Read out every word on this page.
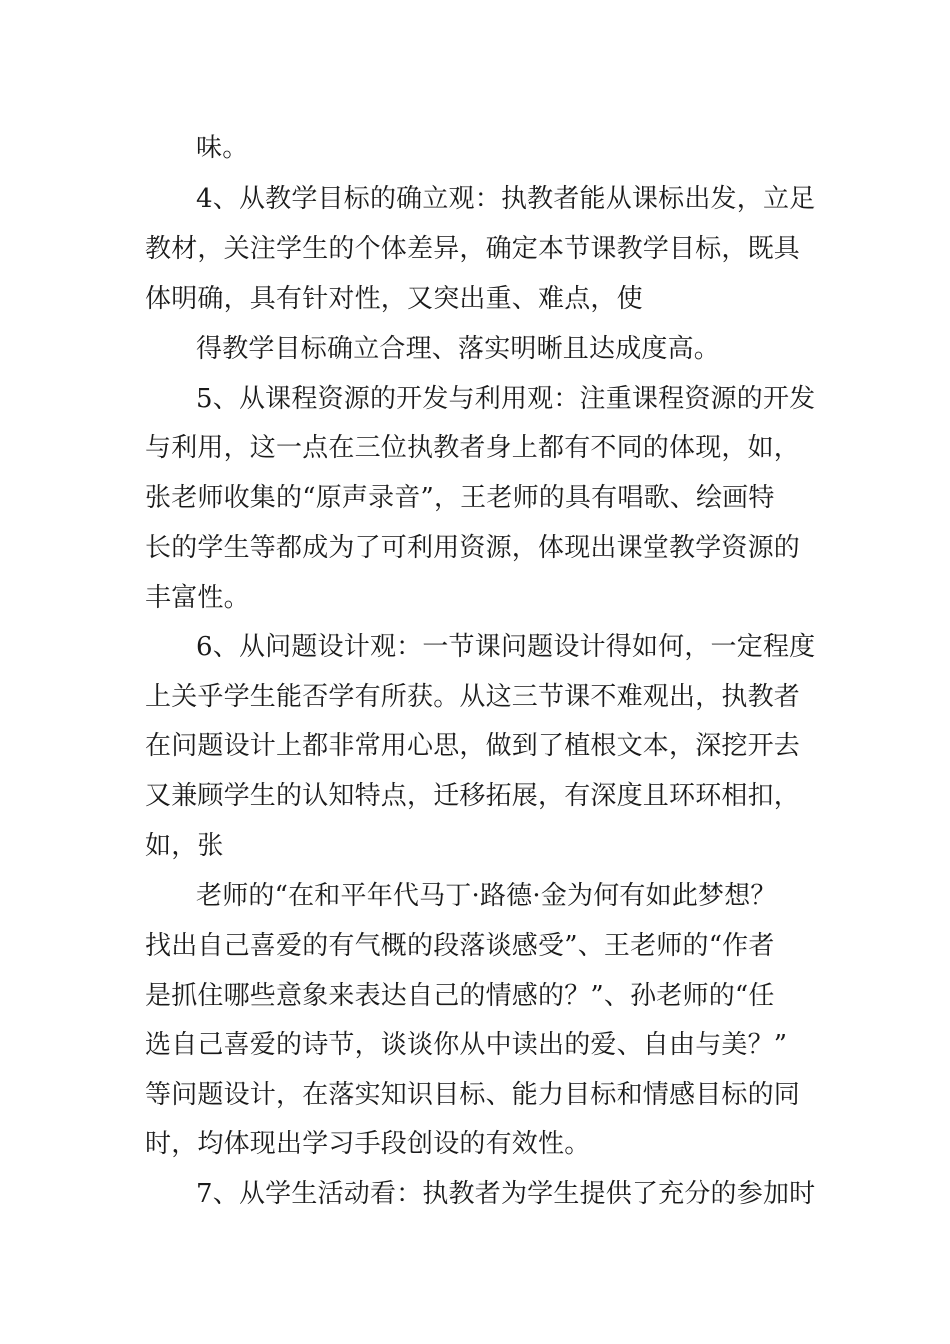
味。
4、从教学目标的确立观：执教者能从课标出发，立足
教材，关注学生的个体差异，确定本节课教学目标，既具
体明确，具有针对性，又突出重、难点，使
得教学目标确立合理、落实明晰且达成度高。
5、从课程资源的开发与利用观：注重课程资源的开发
与利用，这一点在三位执教者身上都有不同的体现，如，
张老师收集的“原声录音”，王老师的具有唱歌、绘画特
长的学生等都成为了可利用资源，体现出课堂教学资源的
丰富性。
6、从问题设计观：一节课问题设计得如何，一定程度
上关乎学生能否学有所获。从这三节课不难观出，执教者
在问题设计上都非常用心思，做到了植根文本，深挖开去
又兼顾学生的认知特点，迁移拓展，有深度且环环相扣，
如，张
老师的“在和平年代马丁·路德·金为何有如此梦想？
找出自己喜爱的有气概的段落谈感受”、王老师的“作者
是抓住哪些意象来表达自己的情感的？”、孙老师的“任
选自己喜爱的诗节，谈谈你从中读出的爱、自由与美？”
等问题设计，在落实知识目标、能力目标和情感目标的同
时，均体现出学习手段创设的有效性。
7、从学生活动看：执教者为学生提供了充分的参加时
